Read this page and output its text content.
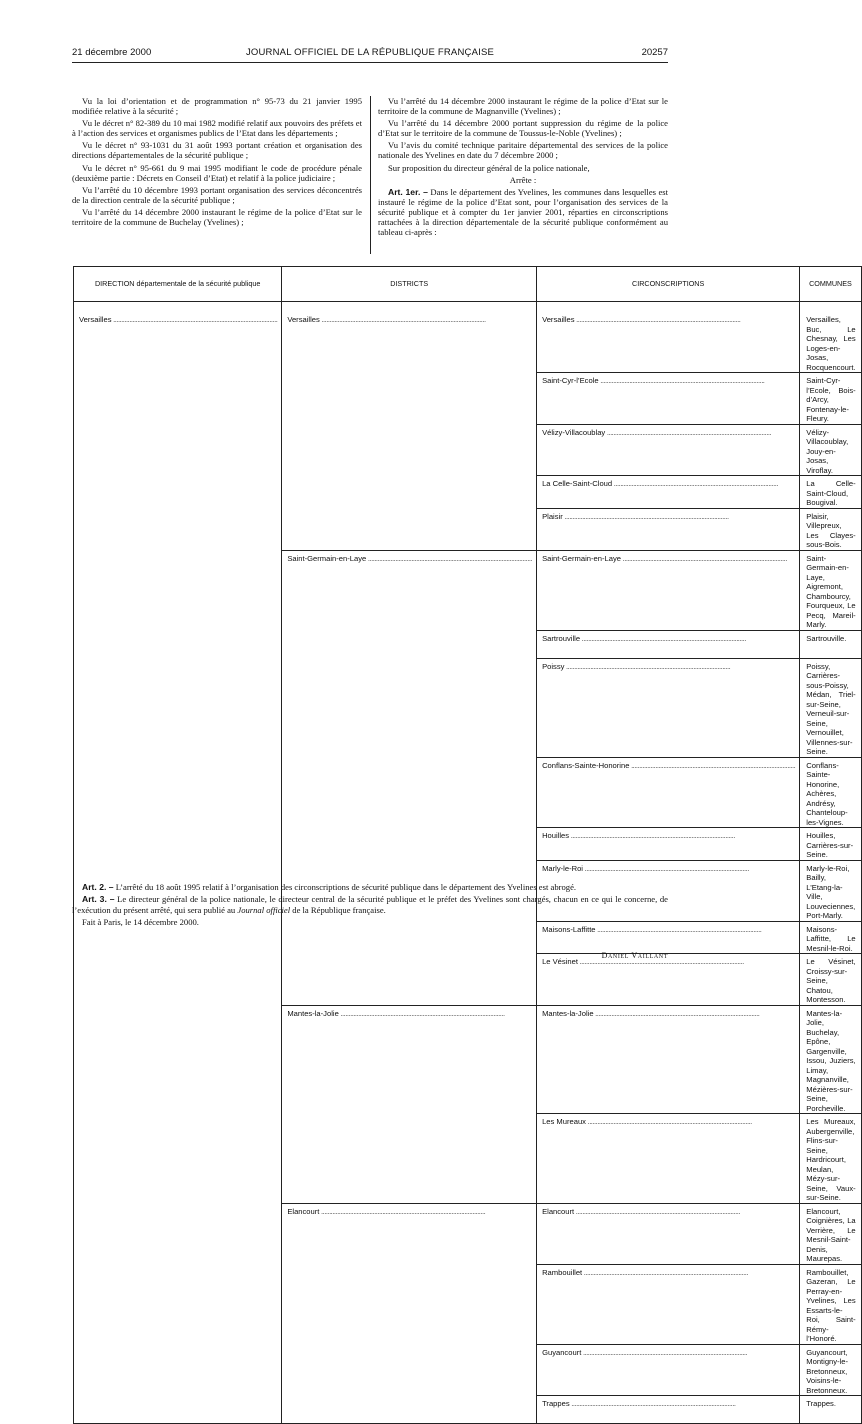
21 décembre 2000	JOURNAL OFFICIEL DE LA RÉPUBLIQUE FRANÇAISE	20257

Vu la loi d’orientation et de programmation n° 95-73 du 21 janvier 1995 modifiée relative à la sécurité ;

Vu le décret n° 82-389 du 10 mai 1982 modifié relatif aux pouvoirs des préfets et à l’action des services et organismes publics de l’Etat dans les départements ;

Vu le décret n° 93-1031 du 31 août 1993 portant création et organisation des directions départementales de la sécurité publique ;

Vu le décret n° 95-661 du 9 mai 1995 modifiant le code de procédure pénale (deuxième partie : Décrets en Conseil d’Etat) et relatif à la police judiciaire ;

Vu l’arrêté du 10 décembre 1993 portant organisation des services déconcentrés de la direction centrale de la sécurité publique ;

Vu l’arrêté du 14 décembre 2000 instaurant le régime de la police d’Etat sur le territoire de la commune de Buchelay (Yvelines) ;

Vu l’arrêté du 14 décembre 2000 instaurant le régime de la police d’Etat sur le territoire de la commune de Magnanville (Yvelines) ;

Vu l’arrêté du 14 décembre 2000 portant suppression du régime de la police d’Etat sur le territoire de la commune de Toussus-le-Noble (Yvelines) ;

Vu l’avis du comité technique paritaire départemental des services de la police nationale des Yvelines en date du 7 décembre 2000 ;

Sur proposition du directeur général de la police nationale,

Arrête :

Art. 1er. – Dans le département des Yvelines, les communes dans lesquelles est instauré le régime de la police d’Etat sont, pour l’organisation des services de la sécurité publique et à compter du 1er janvier 2001, réparties en circonscriptions rattachées à la direction départementale de la sécurité publique conformément au tableau ci-après :

DIRECTION départementale de la sécurité publique	DISTRICTS	CIRCONSCRIPTIONS	COMMUNES

Versailles .....	Versailles .....	Versailles .....	Versailles, Buc, Le Chesnay, Les Loges-en-Josas, Rocquencourt.

		Saint-Cyr-l’Ecole .....	Saint-Cyr-l’Ecole, Bois-d’Arcy, Fontenay-le-Fleury.

		Vélizy-Villacoublay .....	Vélizy-Villacoublay, Jouy-en-Josas, Viroflay.

		La Celle-Saint-Cloud .....	La Celle-Saint-Cloud, Bougival.

		Plaisir .....	Plaisir, Villepreux, Les Clayes-sous-Bois.

	Saint-Germain-en-Laye .....	Saint-Germain-en-Laye .....	Saint-Germain-en-Laye, Aigremont, Chambourcy, Fourqueux, Le Pecq, Mareil-Marly.

		Sartrouville .....	Sartrouville.

		Poissy .....	Poissy, Carrières-sous-Poissy, Médan, Triel-sur-Seine, Verneuil-sur-Seine, Vernouillet, Villennes-sur-Seine.

		Conflans-Sainte-Honorine .....	Conflans-Sainte-Honorine, Achères, Andrésy, Chanteloup-les-Vignes.

		Houilles .....	Houilles, Carrières-sur-Seine.

		Marly-le-Roi .....	Marly-le-Roi, Bailly, L’Etang-la-Ville, Louveciennes, Port-Marly.

		Maisons-Laffitte .....	Maisons-Laffitte, Le Mesnil-le-Roi.

		Le Vésinet .....	Le Vésinet, Croissy-sur-Seine, Chatou, Montesson.

	Mantes-la-Jolie .....	Mantes-la-Jolie .....	Mantes-la-Jolie, Buchelay, Epône, Gargenville, Issou, Juziers, Limay, Magnanville, Mézières-sur-Seine, Porcheville.

		Les Mureaux .....	Les Mureaux, Aubergenville, Flins-sur-Seine, Hardricourt, Meulan, Mézy-sur-Seine, Vaux-sur-Seine.

	Elancourt .....	Elancourt .....	Elancourt, Coignières, La Verrière, Le Mesnil-Saint-Denis, Maurepas.

		Rambouillet .....	Rambouillet, Gazeran, Le Perray-en-Yvelines, Les Essarts-le-Roi, Saint-Rémy-l’Honoré.

		Guyancourt .....	Guyancourt, Montigny-le-Bretonneux, Voisins-le-Bretonneux.

		Trappes .....	Trappes.

Art. 2. – L’arrêté du 18 août 1995 relatif à l’organisation des circonscriptions de sécurité publique dans le département des Yvelines est abrogé.

Art. 3. – Le directeur général de la police nationale, le directeur central de la sécurité publique et le préfet des Yvelines sont chargés, chacun en ce qui le concerne, de l’exécution du présent arrêté, qui sera publié au Journal officiel de la République française.

Fait à Paris, le 14 décembre 2000.

Daniel Vaillant
